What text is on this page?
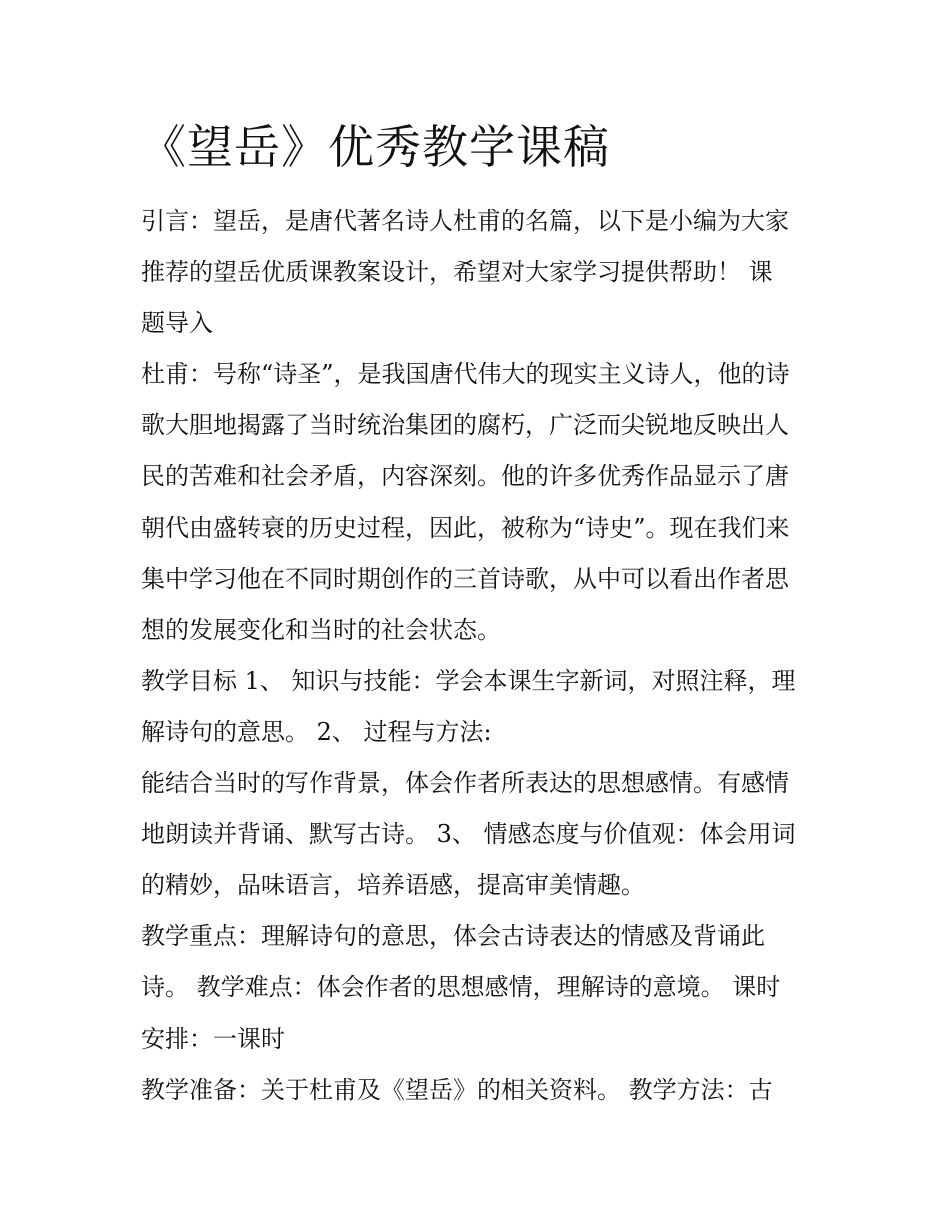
《望岳》优秀教学课稿
引言：望岳，是唐代著名诗人杜甫的名篇，以下是小编为大家
推荐的望岳优质课教案设计，希望对大家学习提供帮助！ 课
题导入
杜甫：号称“诗圣”，是我国唐代伟大的现实主义诗人，他的诗
歌大胆地揭露了当时统治集团的腐朽，广泛而尖锐地反映出人
民的苦难和社会矛盾，内容深刻。他的许多优秀作品显示了唐
朝代由盛转衰的历史过程，因此，被称为“诗史”。现在我们来
集中学习他在不同时期创作的三首诗歌，从中可以看出作者思
想的发展变化和当时的社会状态。
教学目标 1、 知识与技能：学会本课生字新词，对照注释，理
解诗句的意思。 2、 过程与方法:
能结合当时的写作背景，体会作者所表达的思想感情。有感情
地朗读并背诵、默写古诗。 3、 情感态度与价值观：体会用词
的精妙，品味语言，培养语感，提高审美情趣。
教学重点：理解诗句的意思，体会古诗表达的情感及背诵此
诗。 教学难点：体会作者的思想感情，理解诗的意境。 课时
安排：一课时
教学准备：关于杜甫及《望岳》的相关资料。 教学方法：古
